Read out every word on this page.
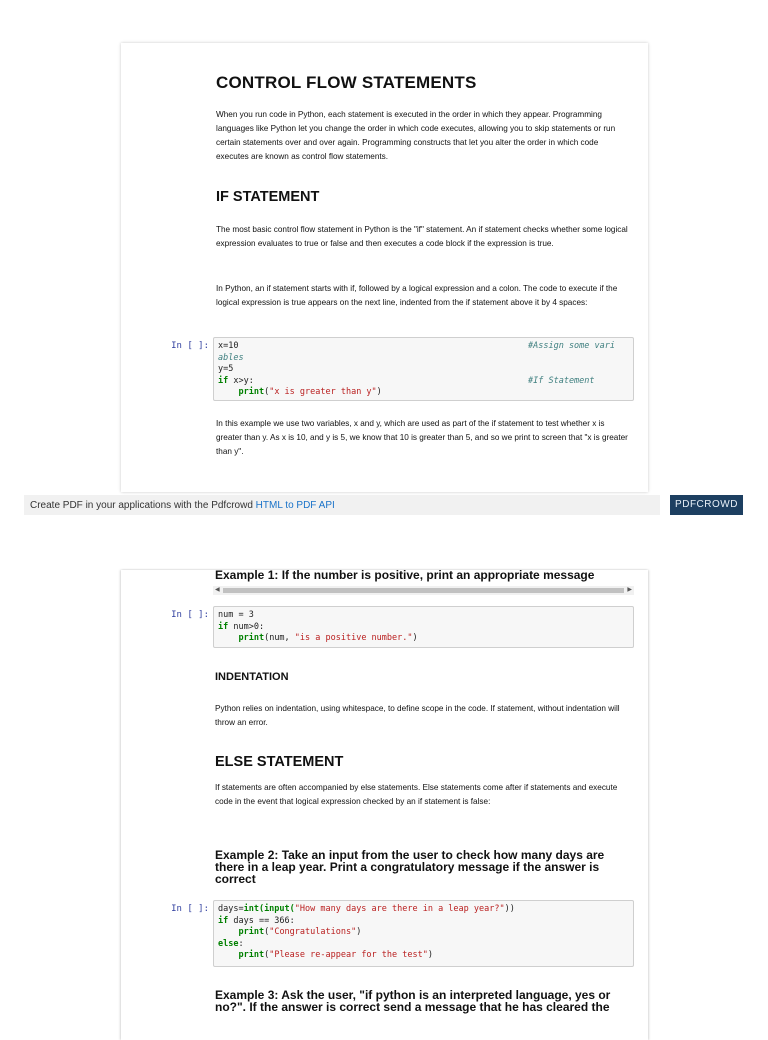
CONTROL FLOW STATEMENTS
When you run code in Python, each statement is executed in the order in which they appear. Programming languages like Python let you change the order in which code executes, allowing you to skip statements or run certain statements over and over again. Programming constructs that let you alter the order in which code executes are known as control flow statements.
IF STATEMENT
The most basic control flow statement in Python is the "if" statement. An if statement checks whether some logical expression evaluates to true or false and then executes a code block if the expression is true.
In Python, an if statement starts with if, followed by a logical expression and a colon. The code to execute if the logical expression is true appears on the next line, indented from the if statement above it by 4 spaces:
In [ ]:	x=10	#Assign some vari

ables
y=5
if x>y:	#If Statement

print("x is greater than y")
In this example we use two variables, x and y, which are used as part of the if statement to test whether x is greater than y. As x is 10, and y is 5, we know that 10 is greater than 5, and so we print to screen that "x is greater than y".
Create PDF in your applications with the Pdfcrowd HTML to PDF API	PDFCROWD
Example 1: If the number is positive, print an appropriate message
◀	▶
In [ ]:	num = 3
if num>0:
print(num, "is a positive number.")
INDENTATION
Python relies on indentation, using whitespace, to define scope in the code. If statement, without indentation will throw an error.
ELSE STATEMENT
If statements are often accompanied by else statements. Else statements come after if statements and execute code in the event that logical expression checked by an if statement is false:
Example 2: Take an input from the user to check how many days are there in a leap year. Print a congratulatory message if the answer is correct
In [ ]:	days=int(input("How many days are there in a leap year?"))
if days == 366:
print("Congratulations")
else:
print("Please re-appear for the test")
Example 3: Ask the user, "if python is an interpreted language, yes or no?". If the answer is correct send a message that he has cleared the
